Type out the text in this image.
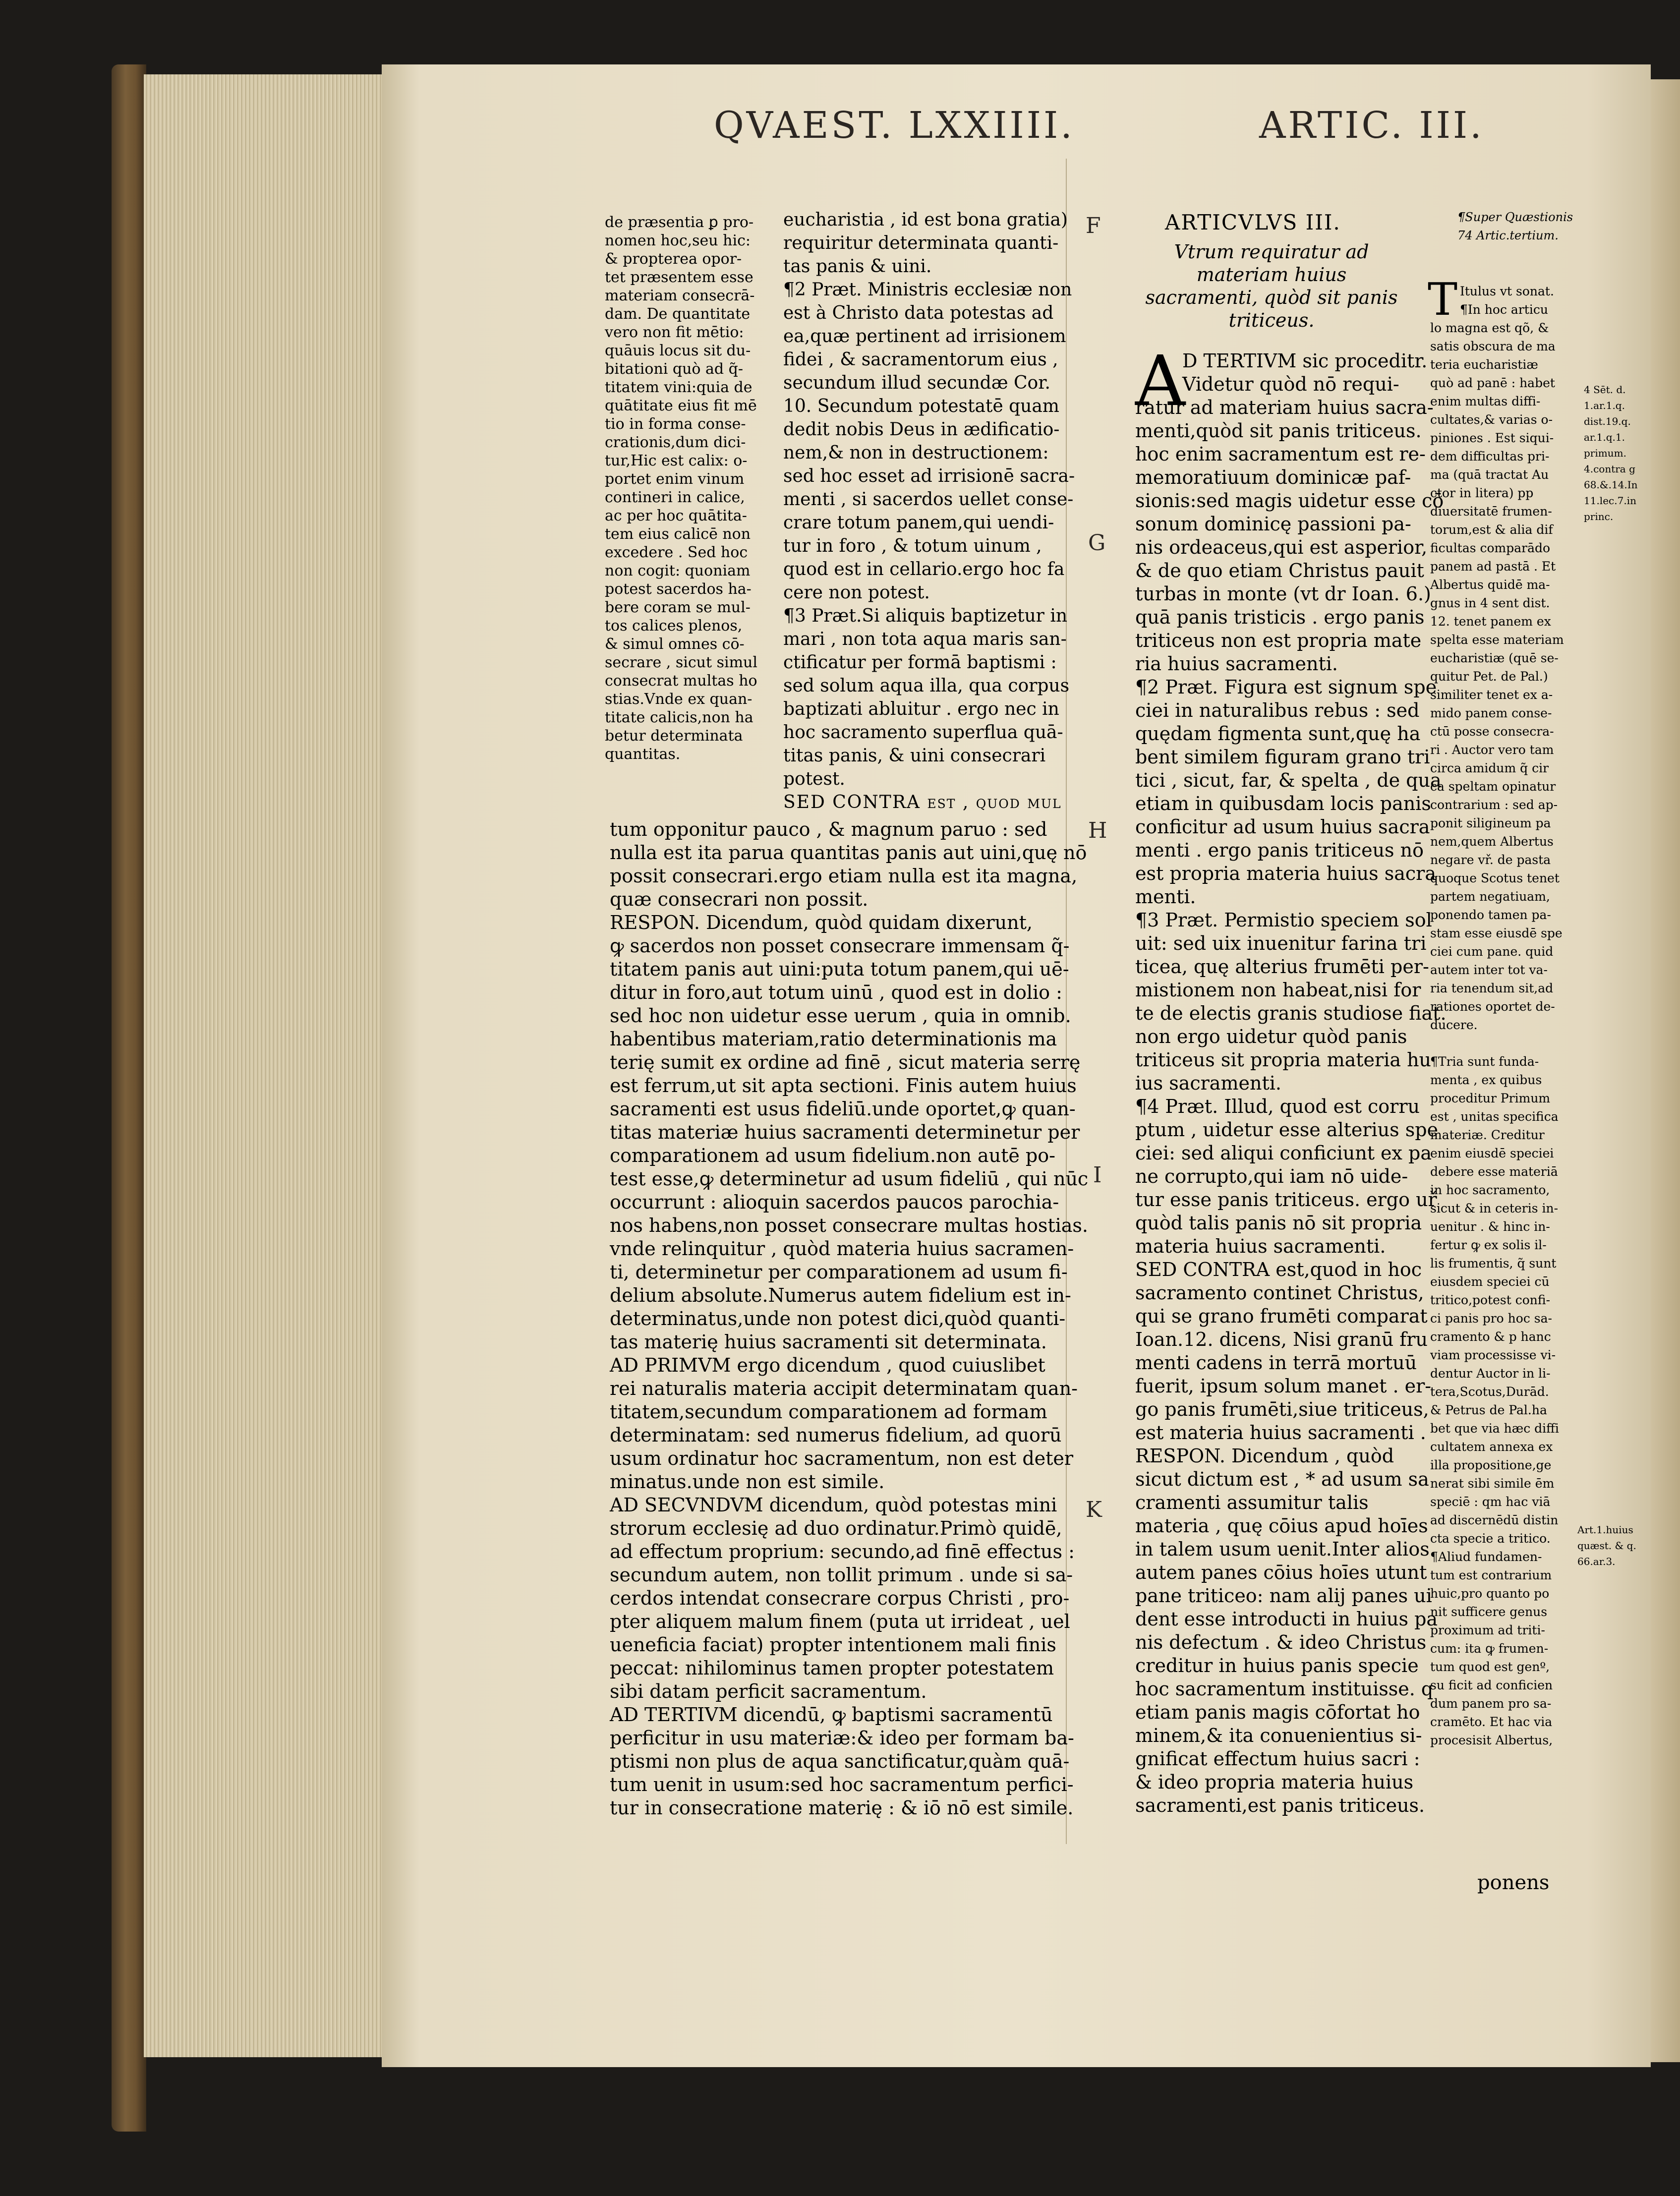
QVAEST. LXXIIII.	ARTIC. III.
F
G
H
I
K
de præsentia ꝑ pro-
nomen hoc,seu hic:
& propterea opor-
tet præsentem esse
materiam consecrā-
dam. De quantitate
vero non fit mētio:
quāuis locus sit du-
bitationi quò ad q̃-
titatem vini:quia de
quātitate eius fit mē
tio in forma conse-
crationis,dum dici-
tur,Hic est calix: o-
portet enim vinum
contineri in calice,
ac per hoc quātita-
tem eius calicē non
excedere . Sed hoc
non cogit: quoniam
potest sacerdos ha-
bere coram se mul-
tos calices plenos,
& simul omnes cō-
secrare , sicut simul
consecrat multas ho
stias.Vnde ex quan-
titate calicis,non ha
betur determinata
quantitas.
eucharistia , id est bona gratia)
requiritur determinata quanti-
tas panis & uini.
¶2 Præt. Ministris ecclesiæ non
est à Christo data potestas ad
ea,quæ pertinent ad irrisionem
fidei , & sacramentorum eius ,
secundum illud secundæ Cor.
10. Secundum potestatē quam
dedit nobis Deus in ædificatio-
nem,& non in destructionem:
sed hoc esset ad irrisionē sacra-
menti , si sacerdos uellet conse-
crare totum panem,qui uendi-
tur in foro , & totum uinum ,
quod est in cellario.ergo hoc fa
cere non potest.
¶3 Præt.Si aliquis baptizetur in
mari , non tota aqua maris san-
ctificatur per formā baptismi :
sed solum aqua illa, qua corpus
baptizati abluitur . ergo nec in
hoc sacramento superflua quā-
titas panis, & uini consecrari
potest.
SED CONTRA est , quod mul
tum opponitur pauco , & magnum paruo : sed
nulla est ita parua quantitas panis aut uini,quę nō
possit consecrari.ergo etiam nulla est ita magna,
quæ consecrari non possit.
RESPON. Dicendum, quòd quidam dixerunt,
ꝙ sacerdos non posset consecrare immensam q̃-
titatem panis aut uini:puta totum panem,qui uē-
ditur in foro,aut totum uinū , quod est in dolio :
sed hoc non uidetur esse uerum , quia in omnib.
habentibus materiam,ratio determinationis ma
terię sumit ex ordine ad finē , sicut materia serrę
est ferrum,ut sit apta sectioni. Finis autem huius
sacramenti est usus fideliū.unde oportet,ꝙ quan-
titas materiæ huius sacramenti determinetur per
comparationem ad usum fidelium.non autē po-
test esse,ꝙ determinetur ad usum fideliū , qui nūc
occurrunt : alioquin sacerdos paucos parochia-
nos habens,non posset consecrare multas hostias.
vnde relinquitur , quòd materia huius sacramen-
ti, determinetur per comparationem ad usum fi-
delium absolute.Numerus autem fidelium est in-
determinatus,unde non potest dici,quòd quanti-
tas materię huius sacramenti sit determinata.
AD PRIMVM ergo dicendum , quod cuiuslibet
rei naturalis materia accipit determinatam quan-
titatem,secundum comparationem ad formam
determinatam: sed numerus fidelium, ad quorū
usum ordinatur hoc sacramentum, non est deter
minatus.unde non est simile.
AD SECVNDVM dicendum, quòd potestas mini
strorum ecclesię ad duo ordinatur.Primò quidē,
ad effectum proprium: secundo,ad finē effectus :
secundum autem, non tollit primum . unde si sa-
cerdos intendat consecrare corpus Christi , pro-
pter aliquem malum finem (puta ut irrideat , uel
ueneficia faciat) propter intentionem mali finis
peccat: nihilominus tamen propter potestatem
sibi datam perficit sacramentum.
AD TERTIVM dicendū, ꝙ baptismi sacramentū
perficitur in usu materiæ:& ideo per formam ba-
ptismi non plus de aqua sanctificatur,quàm quā-
tum uenit in usum:sed hoc sacramentum perfici-
tur in consecratione materię : & iō nō est simile.
ARTICVLVS III.
Vtrum requiratur ad materiam huius
sacramenti, quòd sit panis
triticeus.
A
D TERTIVM sic proceditr.
Videtur quòd nō requi-
ratur ad materiam huius sacra-
menti,quòd sit panis triticeus.
hoc enim sacramentum est re-
memoratiuum dominicæ paf-
sionis:sed magis uidetur esse cō
sonum dominicę passioni pa-
nis ordeaceus,qui est asperior,
& de quo etiam Christus pauit
turbas in monte (vt dr Ioan. 6.)
quā panis tristicis . ergo panis
triticeus non est propria mate
ria huius sacramenti.
¶2 Præt. Figura est signum spe
ciei in naturalibus rebus : sed
quędam figmenta sunt,quę ha
bent similem figuram grano tri
tici , sicut, far, & spelta , de qua
etiam in quibusdam locis panis
conficitur ad usum huius sacra
menti . ergo panis triticeus nō
est propria materia huius sacra
menti.
¶3 Præt. Permistio speciem sol
uit: sed uix inuenitur farina tri
ticea, quę alterius frumēti per-
mistionem non habeat,nisi for
te de electis granis studiose fiat.
non ergo uidetur quòd panis
triticeus sit propria materia hu
ius sacramenti.
¶4 Præt. Illud, quod est corru
ptum , uidetur esse alterius spe
ciei: sed aliqui conficiunt ex pa
ne corrupto,qui iam nō uide-
tur esse panis triticeus. ergo uř
quòd talis panis nō sit propria
materia huius sacramenti.
SED CONTRA est,quod in hoc
sacramento continet Christus,
qui se grano frumēti comparat
Ioan.12. dicens, Nisi granū fru
menti cadens in terrā mortuū
fuerit, ipsum solum manet . er-
go panis frumēti,siue triticeus,
est materia huius sacramenti .
RESPON. Dicendum , quòd
sicut dictum est , * ad usum sa
cramenti assumitur talis
materia , quę cōius apud hoīes
in talem usum uenit.Inter alios
autem panes cōius hoīes utunt
pane triticeo: nam alij panes ui
dent esse introducti in huius pa
nis defectum . & ideo Christus
creditur in huius panis specie
hoc sacramentum instituisse. q
etiam panis magis cōfortat ho
minem,& ita conuenientius si-
gnificat effectum huius sacri :
& ideo propria materia huius
sacramenti,est panis triticeus.
¶Super Quæstionis
74 Artic.tertium.
T Itulus vt sonat.
¶In hoc articu
lo magna est qõ, &
satis obscura de ma
teria eucharistiæ
quò ad panē : habet
enim multas diffi-
cultates,& varias o-
piniones . Est siqui-
dem difficultas pri-
ma (quā tractat Au
ctor in litera) pp
diuersitatē frumen-
torum,est & alia dif
ficultas comparādo
panem ad pastā . Et
Albertus quidē ma-
gnus in 4 sent dist.
12. tenet panem ex
spelta esse materiam
eucharistiæ (quē se-
quitur Pet. de Pal.)
similiter tenet ex a-
mido panem conse-
ctū posse consecra-
ri . Auctor vero tam
circa amidum q̃ cir
ca speltam opinatur
contrarium : sed ap-
ponit siligineum pa
nem,quem Albertus
negare vř. de pasta
quoque Scotus tenet
partem negatiuam,
ponendo tamen pa-
stam esse eiusdē spe
ciei cum pane. quid
autem inter tot va-
ria tenendum sit,ad
rationes oportet de-
ducere.
¶Tria sunt funda-
menta , ex quibus
proceditur Primum
est , unitas specifica
materiæ. Creditur
enim eiusdē speciei
debere esse materiā
in hoc sacramento,
sicut & in ceteris in-
uenitur . & hinc in-
fertur ꝙ ex solis il-
lis frumentis, q̃ sunt
eiusdem speciei cū
tritico,potest confi-
ci panis pro hoc sa-
cramento & p hanc
viam processisse vi-
dentur Auctor in li-
tera,Scotus,Durād.
& Petrus de Pal.ha
bet que via hæc diffi
cultatem annexa ex
illa propositione,ge
nerat sibi simile ēm
speciē : qm hac viā
ad discernēdū distin
cta specie a tritico.
¶Aliud fundamen-
tum est contrarium
huic,pro quanto po
nit sufficere genus
proximum ad triti-
cum: ita ꝙ frumen-
tum quod est genº,
su ficit ad conficien
dum panem pro sa-
cramēto. Et hac via
procesisit Albertus,
ponens
4 Sēt. d.
1.ar.1.q.
dist.19.q.
ar.1.q.1.
primum.
4.contra g
68.&.14.In
11.lec.7.in
princ.
Art.1.huius
quæst. & q.
66.ar.3.
